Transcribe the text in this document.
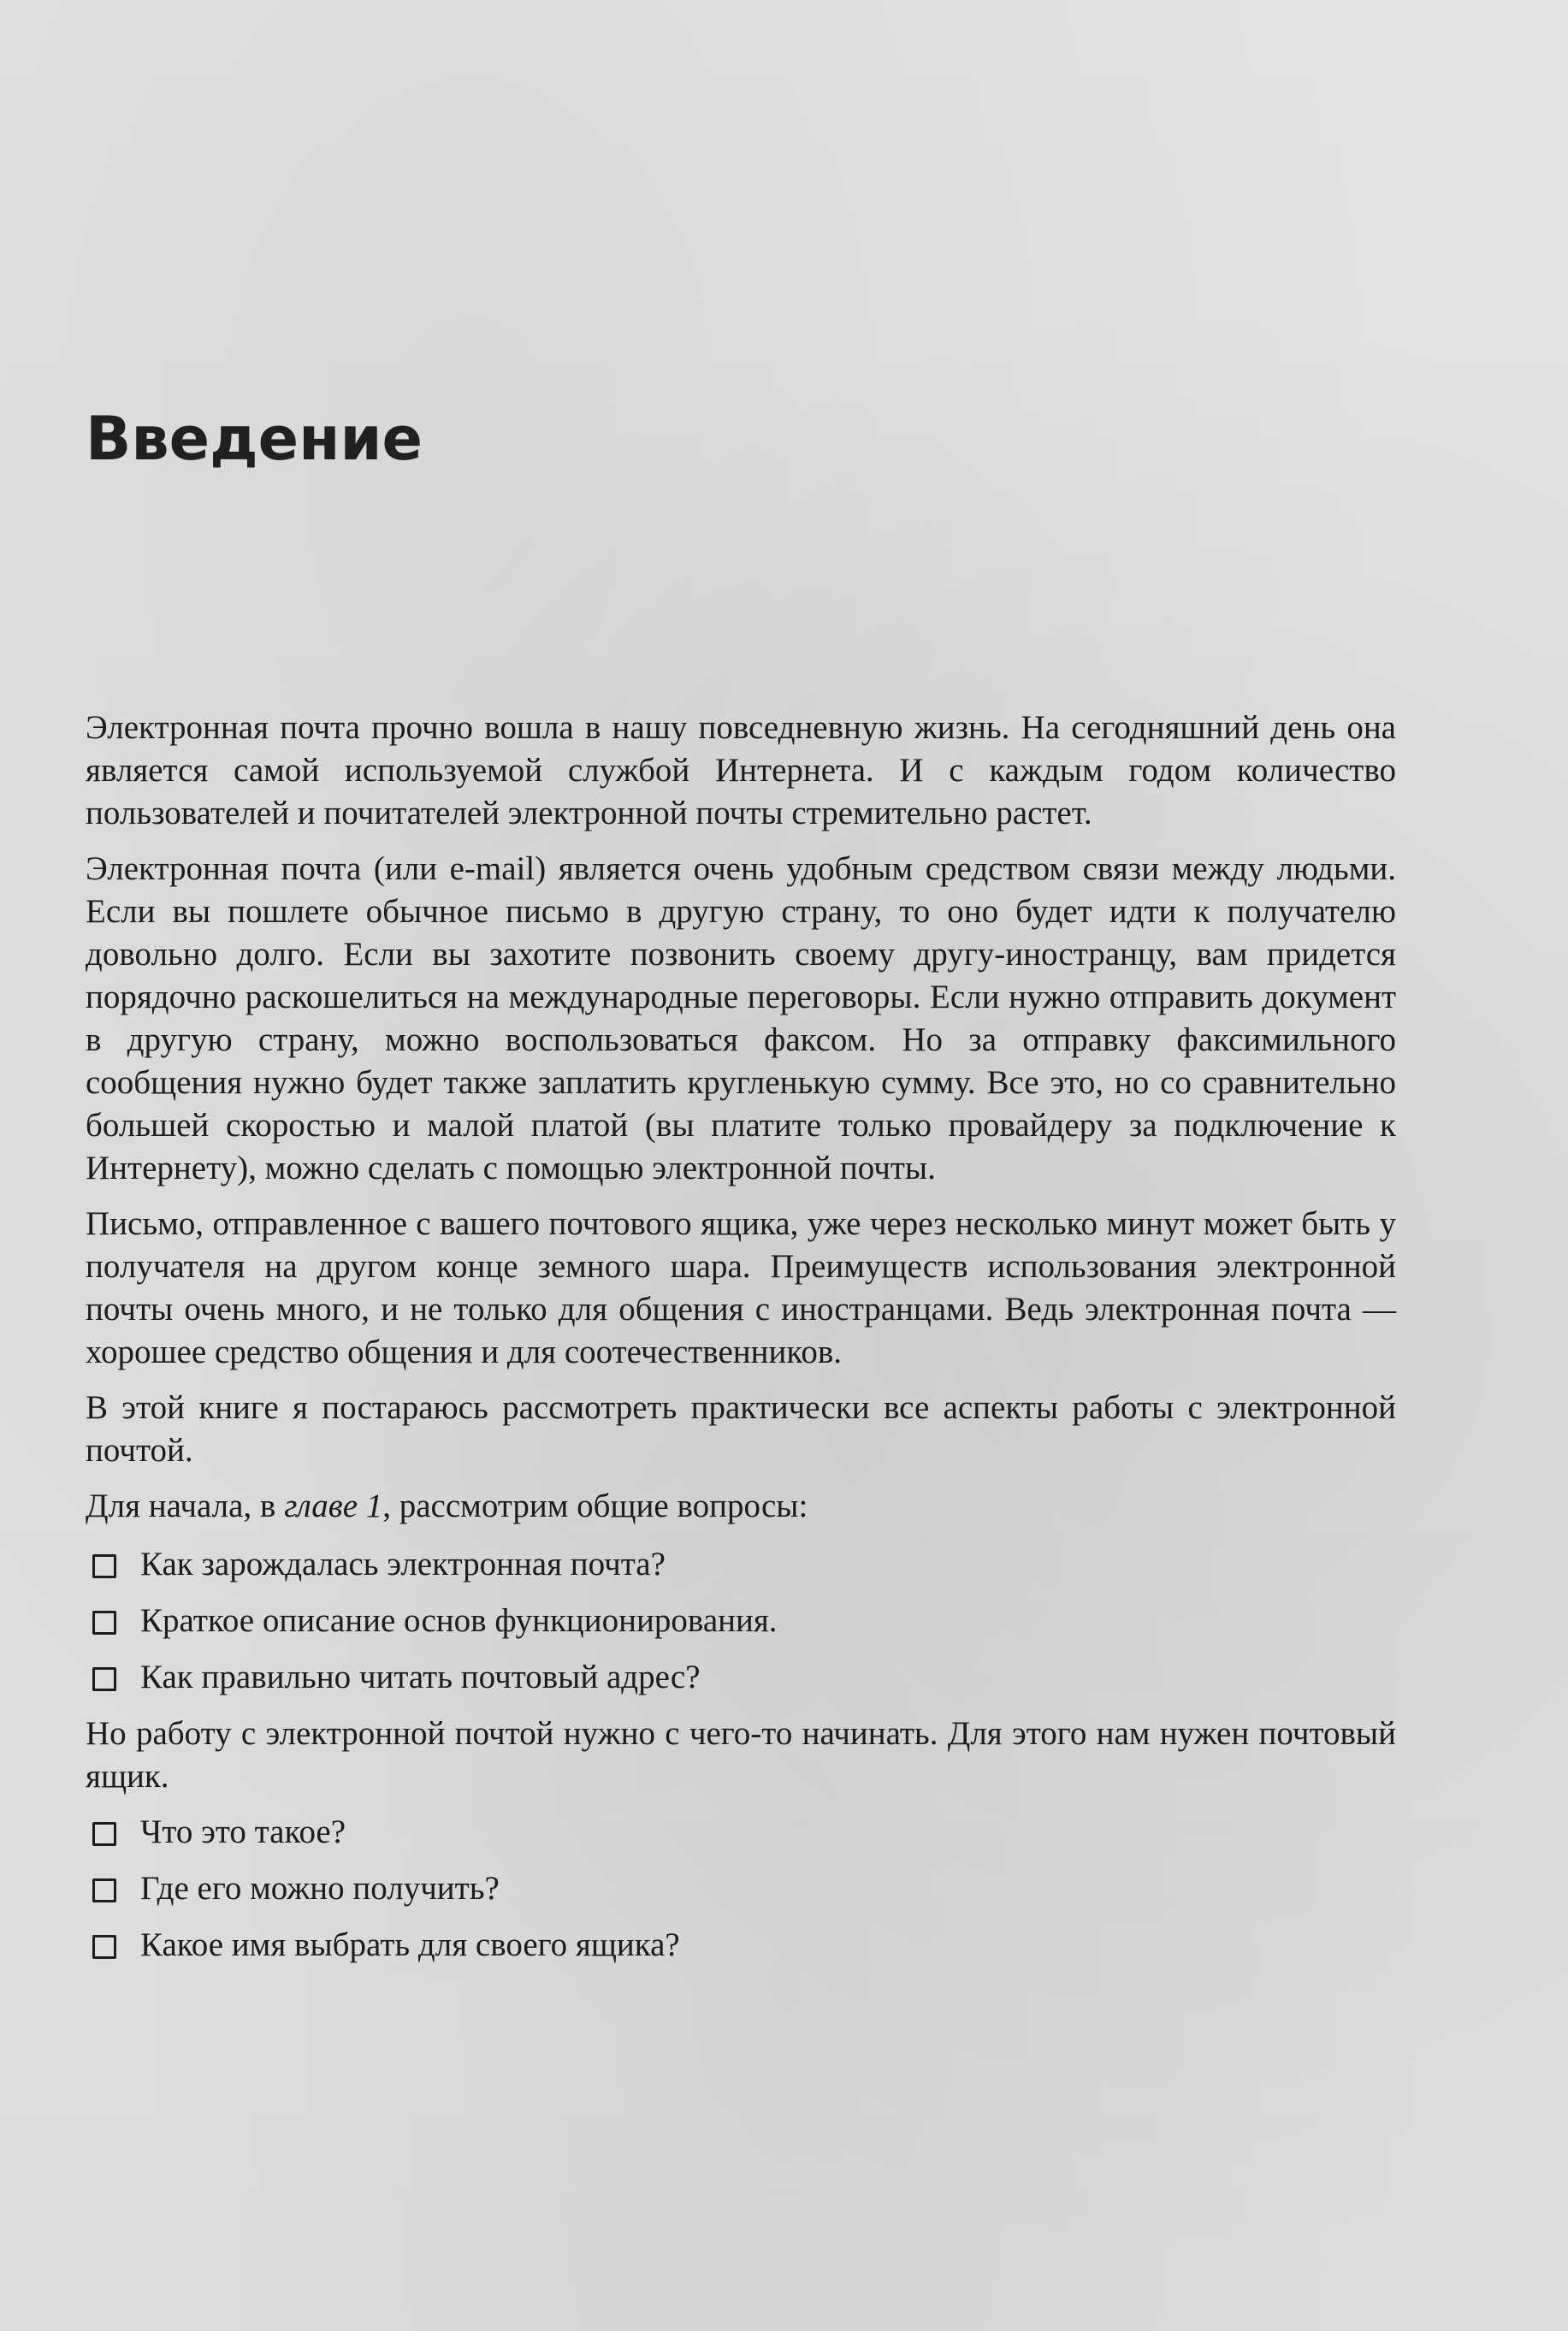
Введение

Электронная почта прочно вошла в нашу повседневную жизнь. На сегодняшний день она является самой используемой службой Интернета. И с каждым годом количество пользователей и почитателей электронной почты стремительно растет.

Электронная почта (или e-mail) является очень удобным средством связи между людьми. Если вы пошлете обычное письмо в другую страну, то оно будет идти к получателю довольно долго. Если вы захотите позвонить своему другу-иностранцу, вам придется порядочно раскошелиться на международные переговоры. Если нужно отправить документ в другую страну, можно воспользоваться факсом. Но за отправку факсимильного сообщения нужно будет также заплатить кругленькую сумму. Все это, но со сравнительно большей скоростью и малой платой (вы платите только провайдеру за подключение к Интернету), можно сделать с помощью электронной почты.

Письмо, отправленное с вашего почтового ящика, уже через несколько минут может быть у получателя на другом конце земного шара. Преимуществ использования электронной почты очень много, и не только для общения с иностранцами. Ведь электронная почта — хорошее средство общения и для соотечественников.

В этой книге я постараюсь рассмотреть практически все аспекты работы с электронной почтой.

Для начала, в главе 1, рассмотрим общие вопросы:

Как зарождалась электронная почта?
Краткое описание основ функционирования.
Как правильно читать почтовый адрес?

Но работу с электронной почтой нужно с чего-то начинать. Для этого нам нужен почтовый ящик.

Что это такое?
Где его можно получить?
Какое имя выбрать для своего ящика?
